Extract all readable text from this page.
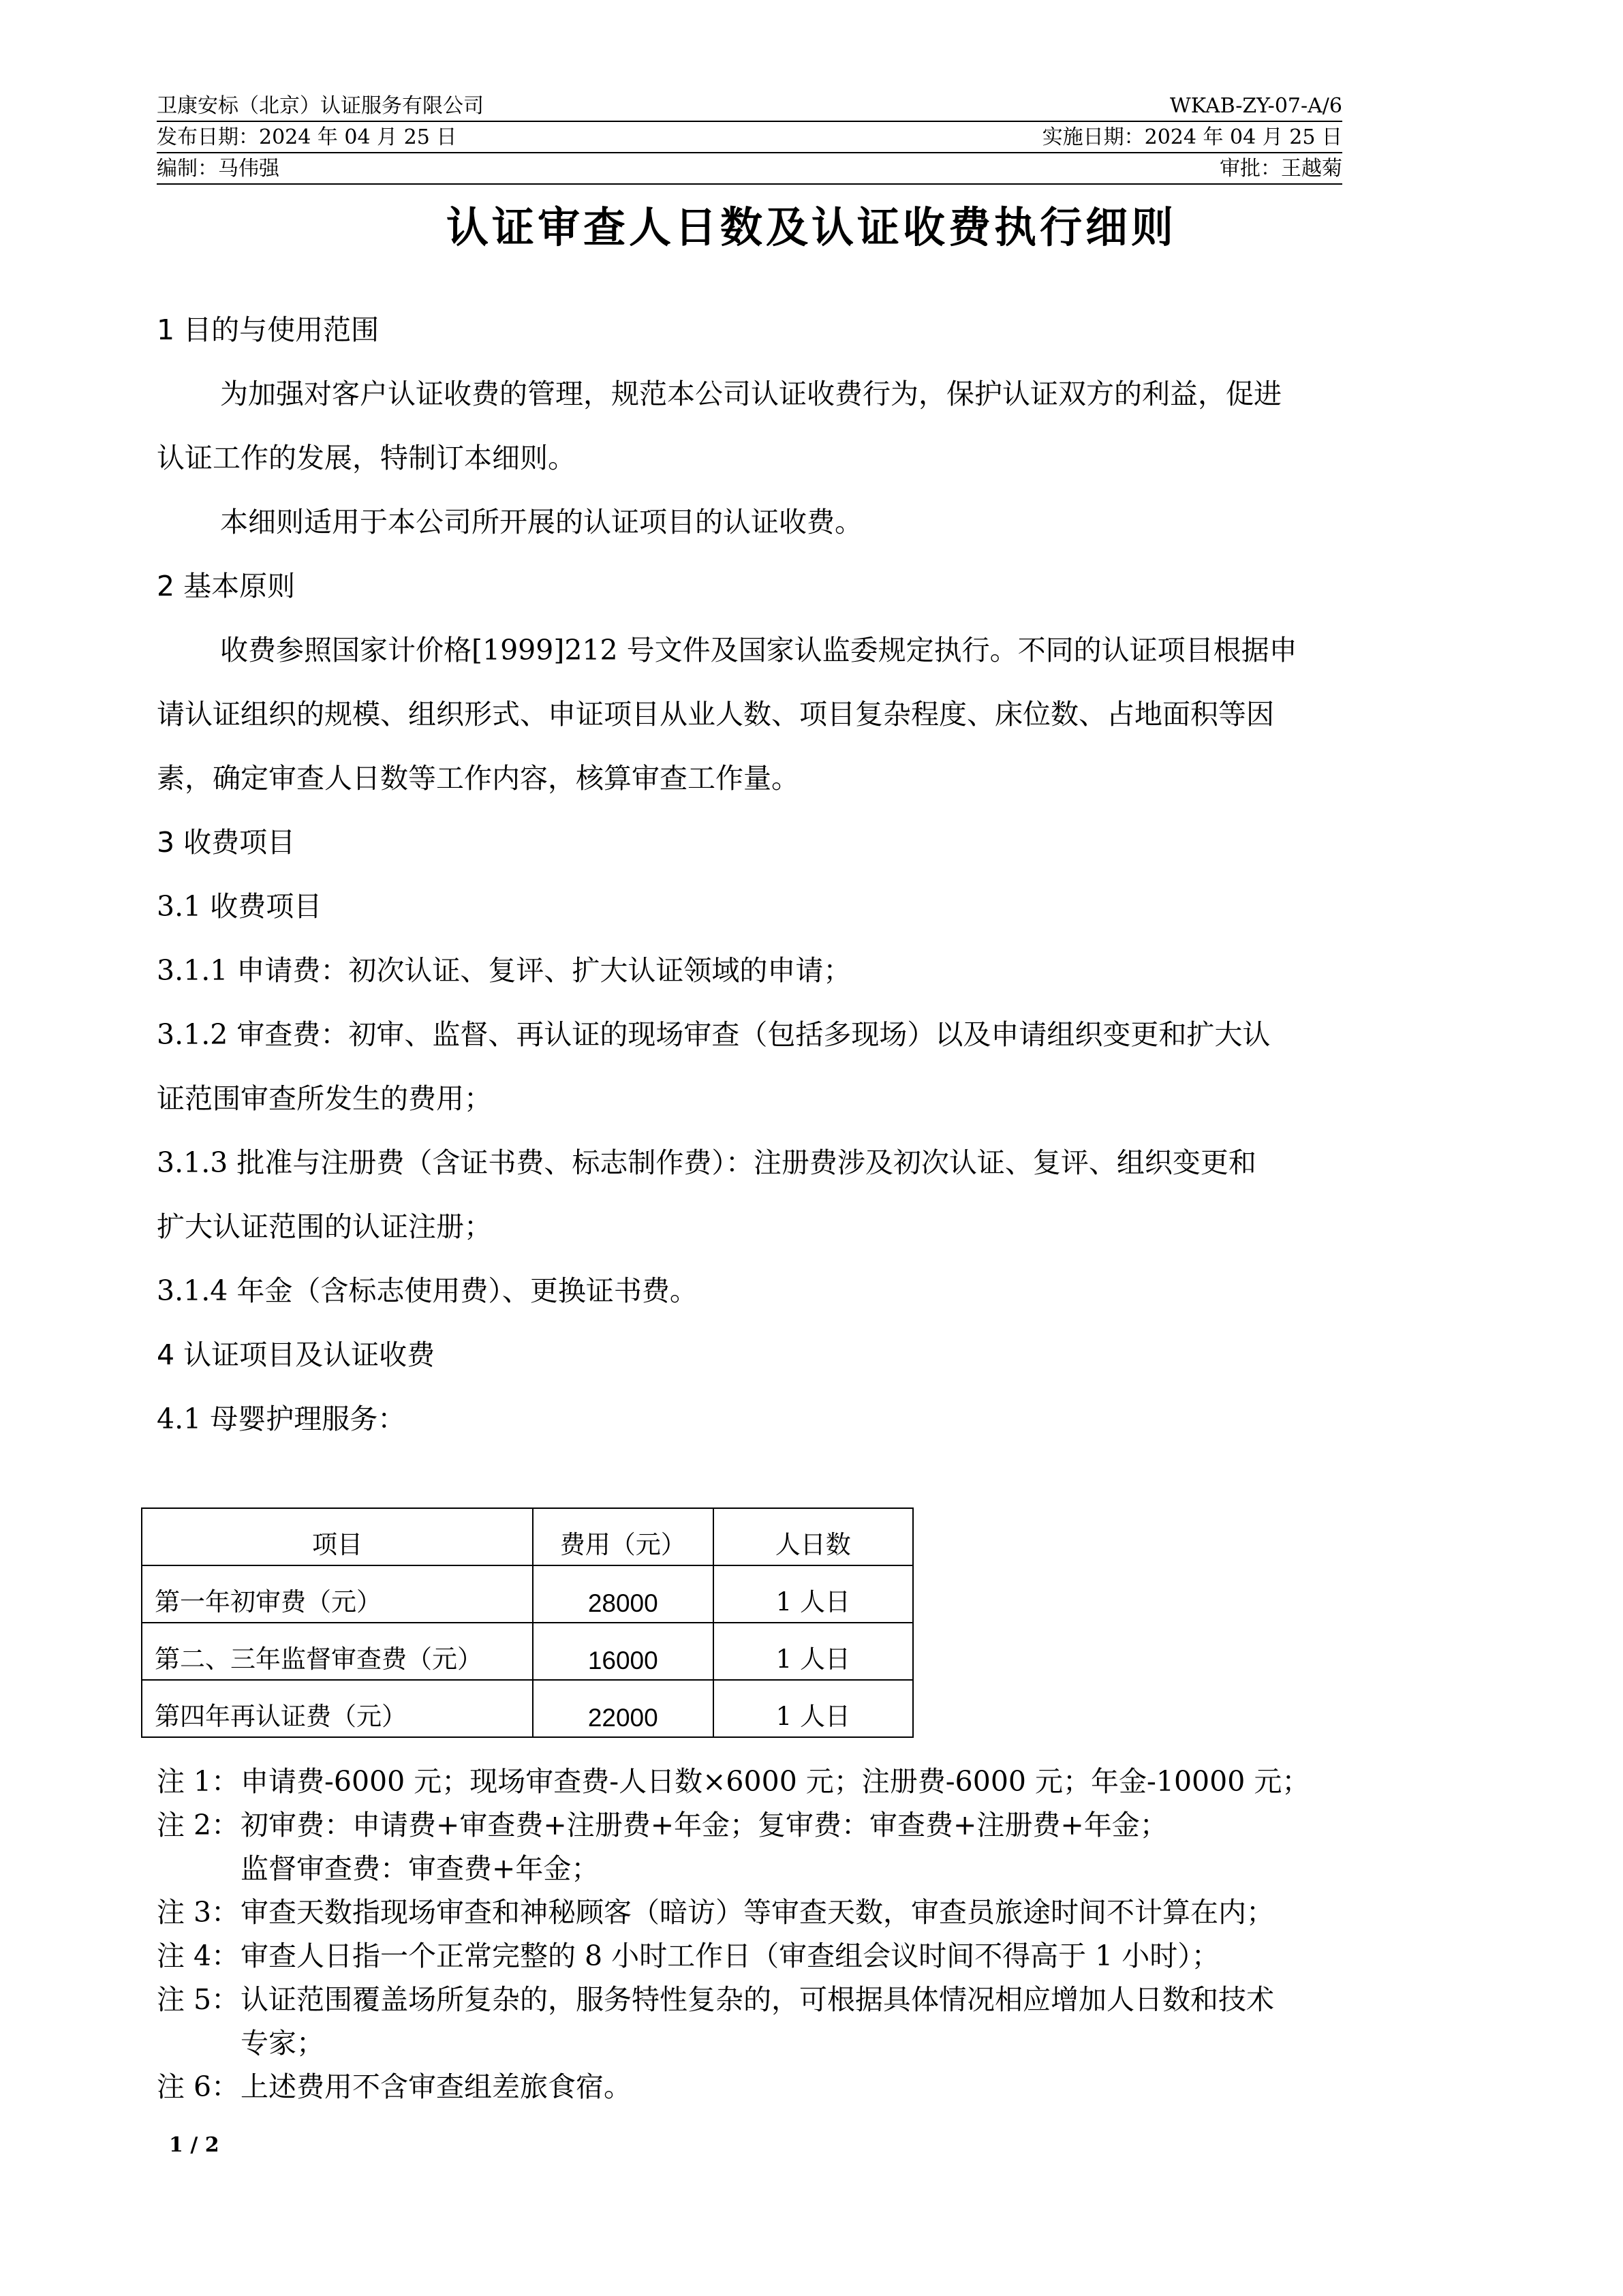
卫康安标（北京）认证服务有限公司	WKAB-ZY-07-A/6
发布日期：2024 年 04 月 25 日	实施日期：2024 年 04 月 25 日
编制：马伟强	审批：王越菊
认证审查人日数及认证收费执行细则
1 目的与使用范围
为加强对客户认证收费的管理，规范本公司认证收费行为，保护认证双方的利益，促进
认证工作的发展，特制订本细则。
本细则适用于本公司所开展的认证项目的认证收费。
2 基本原则
收费参照国家计价格[1999]212 号文件及国家认监委规定执行。不同的认证项目根据申
请认证组织的规模、组织形式、申证项目从业人数、项目复杂程度、床位数、占地面积等因
素，确定审查人日数等工作内容，核算审查工作量。
3 收费项目
3.1 收费项目
3.1.1 申请费：初次认证、复评、扩大认证领域的申请；
3.1.2 审查费：初审、监督、再认证的现场审查（包括多现场）以及申请组织变更和扩大认
证范围审查所发生的费用；
3.1.3 批准与注册费（含证书费、标志制作费）：注册费涉及初次认证、复评、组织变更和
扩大认证范围的认证注册；
3.1.4 年金（含标志使用费）、更换证书费。
4 认证项目及认证收费
4.1 母婴护理服务：
项目	费用（元）	人日数
第一年初审费（元）	28000	1 人日
第二、三年监督审查费（元）	16000	1 人日
第四年再认证费（元）	22000	1 人日
注 1： 申请费-6000 元；现场审查费-人日数×6000 元；注册费-6000 元；年金-10000 元；
注 2： 初审费：申请费+审查费+注册费+年金；复审费：审查费+注册费+年金；
监督审查费：审查费+年金；
注 3： 审查天数指现场审查和神秘顾客（暗访）等审查天数，审查员旅途时间不计算在内；
注 4： 审查人日指一个正常完整的 8 小时工作日（审查组会议时间不得高于 1 小时）；
注 5： 认证范围覆盖场所复杂的，服务特性复杂的，可根据具体情况相应增加人日数和技术
专家；
注 6： 上述费用不含审查组差旅食宿。
1 / 2
